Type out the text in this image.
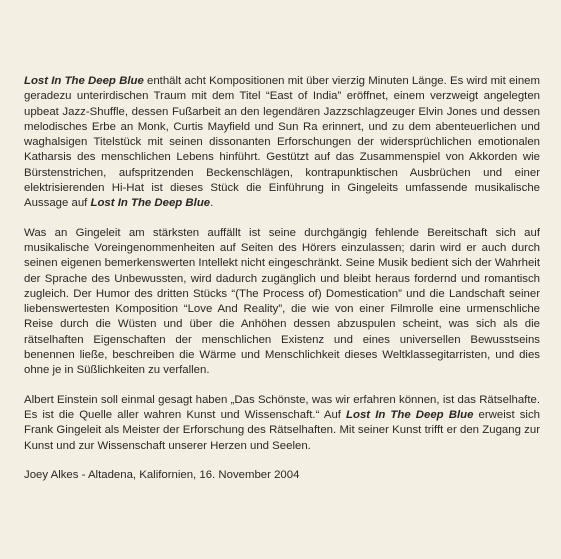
Lost In The Deep Blue enthält acht Kompositionen mit über vierzig Minuten Länge. Es wird mit einem geradezu unterirdischen Traum mit dem Titel “East of India” eröffnet, einem verzweigt angelegten upbeat Jazz-Shuffle, dessen Fußarbeit an den legendären Jazzschlagzeuger Elvin Jones und dessen melodisches Erbe an Monk, Curtis Mayfield und Sun Ra erinnert, und zu dem abenteuerlichen und waghalsigen Titelstück mit seinen dissonanten Erforschungen der widersprüchlichen emotionalen Katharsis des menschlichen Lebens hinführt. Gestützt auf das Zusammenspiel von Akkorden wie Bürstenstrichen, aufspritzenden Beckenschlägen, kontrapunktischen Ausbrüchen und einer elektrisierenden Hi-Hat ist dieses Stück die Einführung in Gingeleits umfassende musikalische Aussage auf Lost In The Deep Blue.

Was an Gingeleit am stärksten auffällt ist seine durchgängig fehlende Bereitschaft sich auf musikalische Voreingenommenheiten auf Seiten des Hörers einzulassen; darin wird er auch durch seinen eigenen bemerkenswerten Intellekt nicht eingeschränkt. Seine Musik bedient sich der Wahrheit der Sprache des Unbewussten, wird dadurch zugänglich und bleibt heraus fordernd und romantisch zugleich. Der Humor des dritten Stücks “(The Process of) Domestication” und die Landschaft seiner liebenswertesten Komposition “Love And Reality”, die wie von einer Filmrolle eine urmenschliche Reise durch die Wüsten und über die Anhöhen dessen abzuspulen scheint, was sich als die rätselhaften Eigenschaften der menschlichen Existenz und eines universellen Bewusstseins benennen ließe, beschreiben die Wärme und Menschlichkeit dieses Weltklassegitarristen, und dies ohne je in Süßlichkeiten zu verfallen.

Albert Einstein soll einmal gesagt haben „Das Schönste, was wir erfahren können, ist das Rätselhafte. Es ist die Quelle aller wahren Kunst und Wissenschaft.“ Auf Lost In The Deep Blue erweist sich Frank Gingeleit als Meister der Erforschung des Rätselhaften. Mit seiner Kunst trifft er den Zugang zur Kunst und zur Wissenschaft unserer Herzen und Seelen.

Joey Alkes - Altadena, Kalifornien, 16. November 2004
